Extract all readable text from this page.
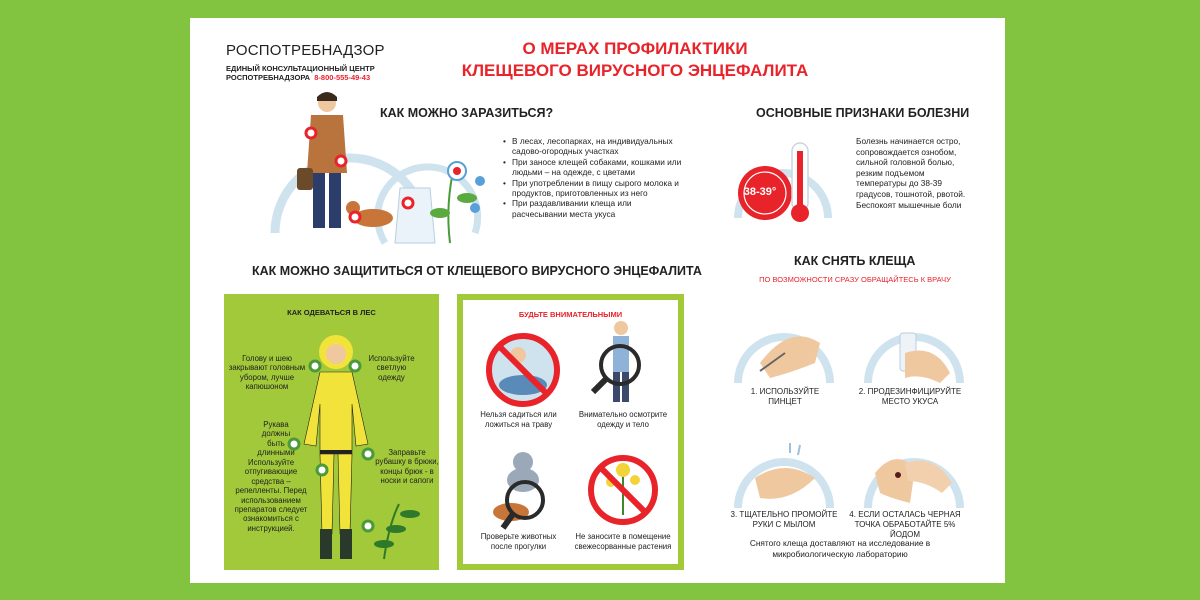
РОСПОТРЕБНАДЗОР
ЕДИНЫЙ КОНСУЛЬТАЦИОННЫЙ ЦЕНТР
РОСПОТРЕБНАДЗОРА 8-800-555-49-43
О МЕРАХ ПРОФИЛАКТИКИ
КЛЕЩЕВОГО ВИРУСНОГО ЭНЦЕФАЛИТА
КАК МОЖНО ЗАРАЗИТЬСЯ?
• В лесах, лесопарках, на индивидуальных садово-огородных участках
• При заносе клещей собаками, кошками или людьми – на одежде, с цветами
• При употреблении в пищу сырого молока и продуктов, приготовленных из него
• При раздавливании клеща или расчесывании места укуса
ОСНОВНЫЕ ПРИЗНАКИ БОЛЕЗНИ
38-39°
Болезнь начинается остро, сопровождается ознобом, сильной головной болью, резким подъемом температуры до 38-39 градусов, тошнотой, рвотой. Беспокоят мышечные боли
КАК МОЖНО ЗАЩИТИТЬСЯ ОТ КЛЕЩЕВОГО ВИРУСНОГО ЭНЦЕФАЛИТА
КАК ОДЕВАТЬСЯ В ЛЕС
Голову и шею закрывают головным убором, лучше капюшоном
Используйте светлую одежду
Рукава должны быть длинными	Заправьте рубашку в брюки, концы брюк - в носки и сапоги
Используйте отпугивающие средства – репелленты. Перед использованием препаратов следует ознакомиться с инструкцией.
БУДЬТЕ ВНИМАТЕЛЬНЫМИ
Нельзя садиться или ложиться на траву
Внимательно осмотрите одежду и тело
Проверьте животных после прогулки
Не заносите в помещение свежесорванные растения
КАК СНЯТЬ КЛЕЩА
ПО ВОЗМОЖНОСТИ СРАЗУ ОБРАЩАЙТЕСЬ К ВРАЧУ
1. ИСПОЛЬЗУЙТЕ ПИНЦЕТ
2. ПРОДЕЗИНФИЦИРУЙТЕ МЕСТО УКУСА
3. ТЩАТЕЛЬНО ПРОМОЙТЕ РУКИ С МЫЛОМ
4. ЕСЛИ ОСТАЛАСЬ ЧЕРНАЯ ТОЧКА ОБРАБОТАЙТЕ 5% ЙОДОМ
Снятого клеща доставляют на исследование в микробиологическую лабораторию
